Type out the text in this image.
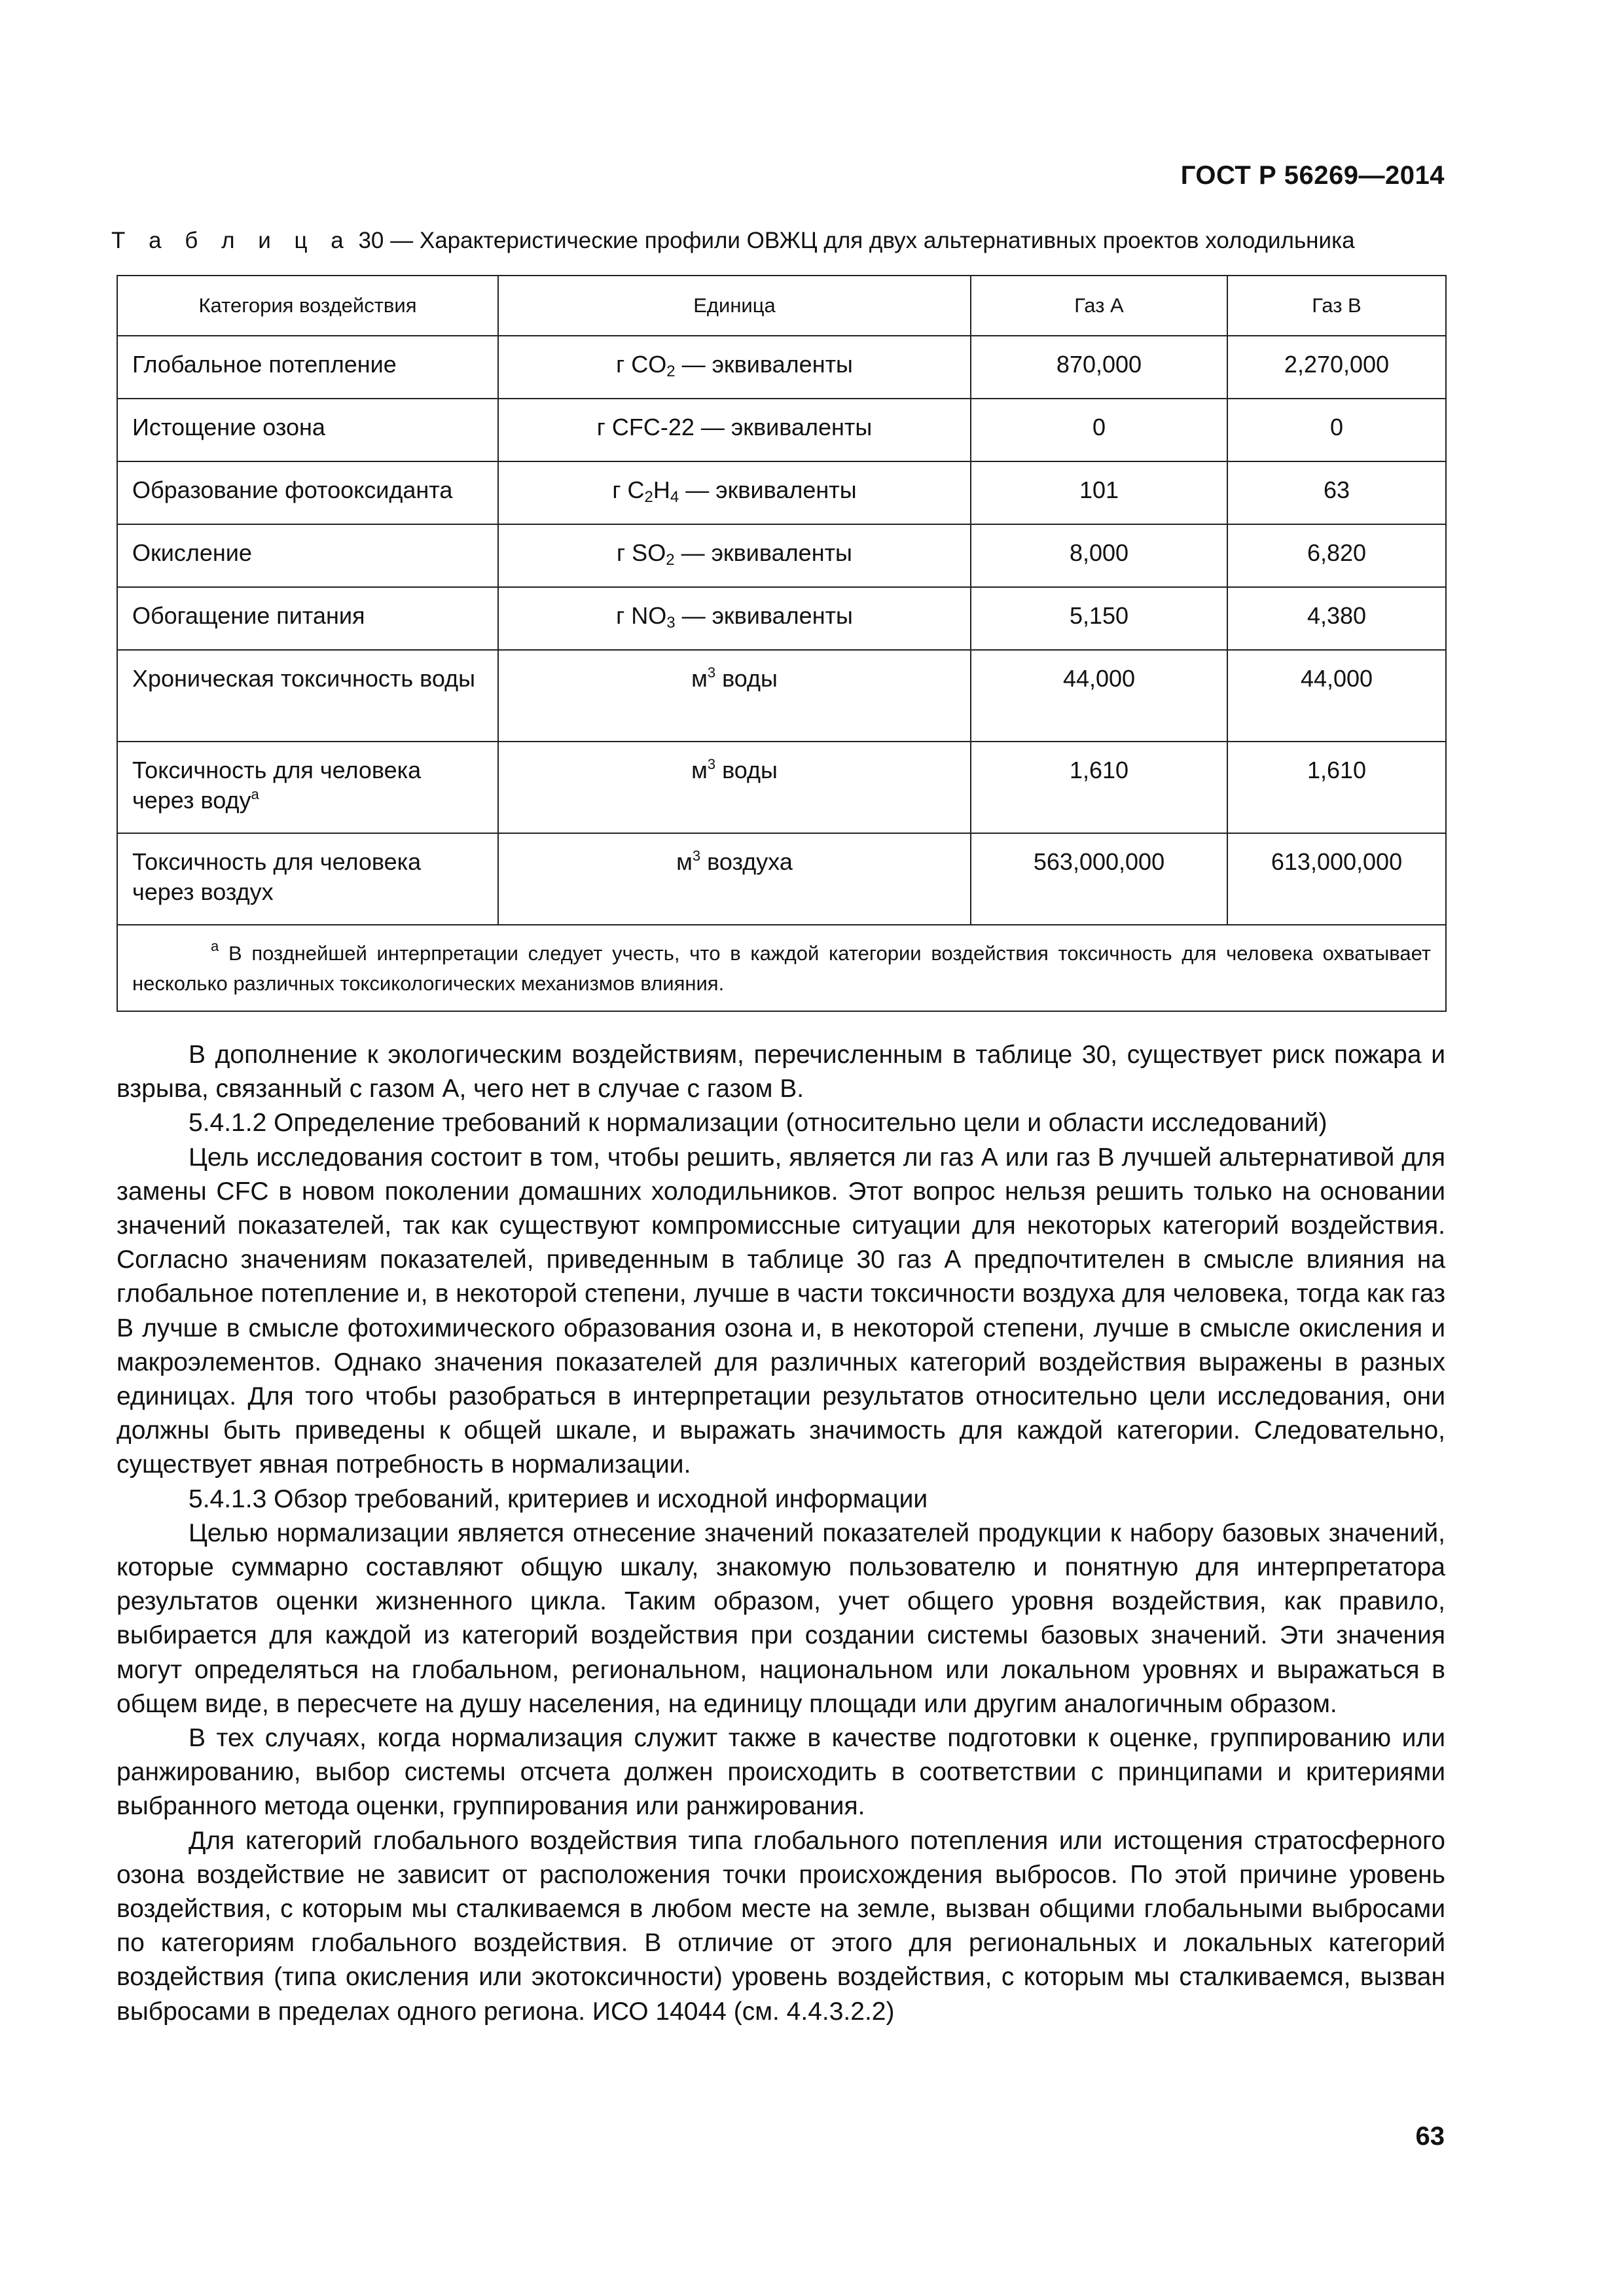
ГОСТ Р 56269—2014
Т а б л и ц а 30 — Характеристические профили ОВЖЦ для двух альтернативных проектов холодильника
Категория воздействия	Единица	Газ А	Газ В
Глобальное потепление	г $CO_2$ — эквиваленты	870,000	2,270,000
Истощение озона	г CFC-22 — эквиваленты	0	0
Образование фотооксиданта	г $C_2H_4$ — эквиваленты	101	63
Окисление	г $SO_2$ — эквиваленты	8,000	6,820
Обогащение питания	г $NO_3$ — эквиваленты	5,150	4,380
Хроническая токсичность воды	$м^3$ воды	44,000	44,000
Токсичность для человека через воду$^a$	$м^3$ воды	1,610	1,610
Токсичность для человека через воздух	$м^3$ воздуха	563,000,000	613,000,000
$^a$ В позднейшей интерпретации следует учесть, что в каждой категории воздействия токсичность для человека охватывает несколько различных токсикологических механизмов влияния.			

В дополнение к экологическим воздействиям, перечисленным в таблице 30, существует риск пожара и взрыва, связанный с газом А, чего нет в случае с газом В.

5.4.1.2 Определение требований к нормализации (относительно цели и области исследований)

Цель исследования состоит в том, чтобы решить, является ли газ А или газ В лучшей альтернативой для замены CFC в новом поколении домашних холодильников. Этот вопрос нельзя решить только на основании значений показателей, так как существуют компромиссные ситуации для некоторых категорий воздействия. Согласно значениям показателей, приведенным в таблице 30 газ А предпочтителен в смысле влияния на глобальное потепление и, в некоторой степени, лучше в части токсичности воздуха для человека, тогда как газ В лучше в смысле фотохимического образования озона и, в некоторой степени, лучше в смысле окисления и макроэлементов. Однако значения показателей для различных категорий воздействия выражены в разных единицах. Для того чтобы разобраться в интерпретации результатов относительно цели исследования, они должны быть приведены к общей шкале, и выражать значимость для каждой категории. Следовательно, существует явная потребность в нормализации.

5.4.1.3 Обзор требований, критериев и исходной информации

Целью нормализации является отнесение значений показателей продукции к набору базовых значений, которые суммарно составляют общую шкалу, знакомую пользователю и понятную для интерпретатора результатов оценки жизненного цикла. Таким образом, учет общего уровня воздействия, как правило, выбирается для каждой из категорий воздействия при создании системы базовых значений. Эти значения могут определяться на глобальном, региональном, национальном или локальном уровнях и выражаться в общем виде, в пересчете на душу населения, на единицу площади или другим аналогичным образом.

В тех случаях, когда нормализация служит также в качестве подготовки к оценке, группированию или ранжированию, выбор системы отсчета должен происходить в соответствии с принципами и критериями выбранного метода оценки, группирования или ранжирования.

Для категорий глобального воздействия типа глобального потепления или истощения стратосферного озона воздействие не зависит от расположения точки происхождения выбросов. По этой причине уровень воздействия, с которым мы сталкиваемся в любом месте на земле, вызван общими глобальными выбросами по категориям глобального воздействия. В отличие от этого для региональных и локальных категорий воздействия (типа окисления или экотоксичности) уровень воздействия, с которым мы сталкиваемся, вызван выбросами в пределах одного региона. ИСО 14044 (см. 4.4.3.2.2)

63
